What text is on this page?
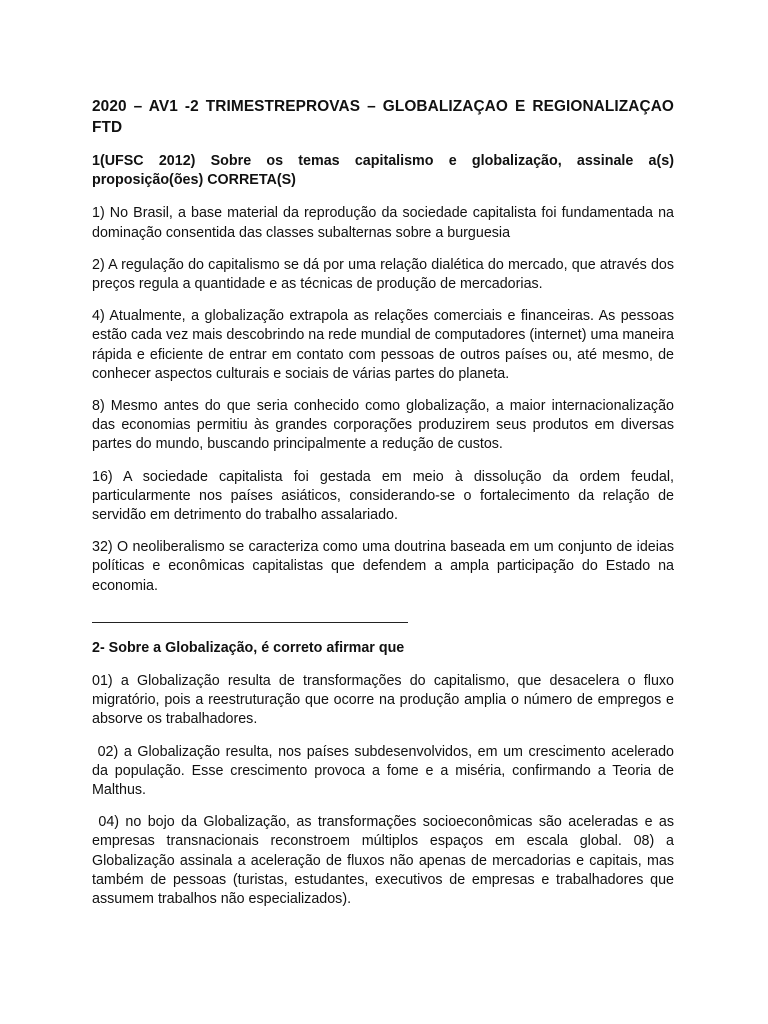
2020 – AV1 -2 TRIMESTREPROVAS – GLOBALIZAÇAO E REGIONALIZAÇAO FTD

1(UFSC 2012) Sobre os temas capitalismo e globalização, assinale a(s) proposição(ões) CORRETA(S)

1) No Brasil, a base material da reprodução da sociedade capitalista foi fundamentada na dominação consentida das classes subalternas sobre a burguesia

2) A regulação do capitalismo se dá por uma relação dialética do mercado, que através dos preços regula a quantidade e as técnicas de produção de mercadorias.

4) Atualmente, a globalização extrapola as relações comerciais e financeiras. As pessoas estão cada vez mais descobrindo na rede mundial de computadores (internet) uma maneira rápida e eficiente de entrar em contato com pessoas de outros países ou, até mesmo, de conhecer aspectos culturais e sociais de várias partes do planeta.

8) Mesmo antes do que seria conhecido como globalização, a maior internacionalização das economias permitiu às grandes corporações produzirem seus produtos em diversas partes do mundo, buscando principalmente a redução de custos.

16) A sociedade capitalista foi gestada em meio à dissolução da ordem feudal, particularmente nos países asiáticos, considerando-se o fortalecimento da relação de servidão em detrimento do trabalho assalariado.

32) O neoliberalismo se caracteriza como uma doutrina baseada em um conjunto de ideias políticas e econômicas capitalistas que defendem a ampla participação do Estado na economia.

2- Sobre a Globalização, é correto afirmar que

01) a Globalização resulta de transformações do capitalismo, que desacelera o fluxo migratório, pois a reestruturação que ocorre na produção amplia o número de empregos e absorve os trabalhadores.

02) a Globalização resulta, nos países subdesenvolvidos, em um crescimento acelerado da população. Esse crescimento provoca a fome e a miséria, confirmando a Teoria de Malthus.

04) no bojo da Globalização, as transformações socioeconômicas são aceleradas e as empresas transnacionais reconstroem múltiplos espaços em escala global. 08) a Globalização assinala a aceleração de fluxos não apenas de mercadorias e capitais, mas também de pessoas (turistas, estudantes, executivos de empresas e trabalhadores que assumem trabalhos não especializados).
